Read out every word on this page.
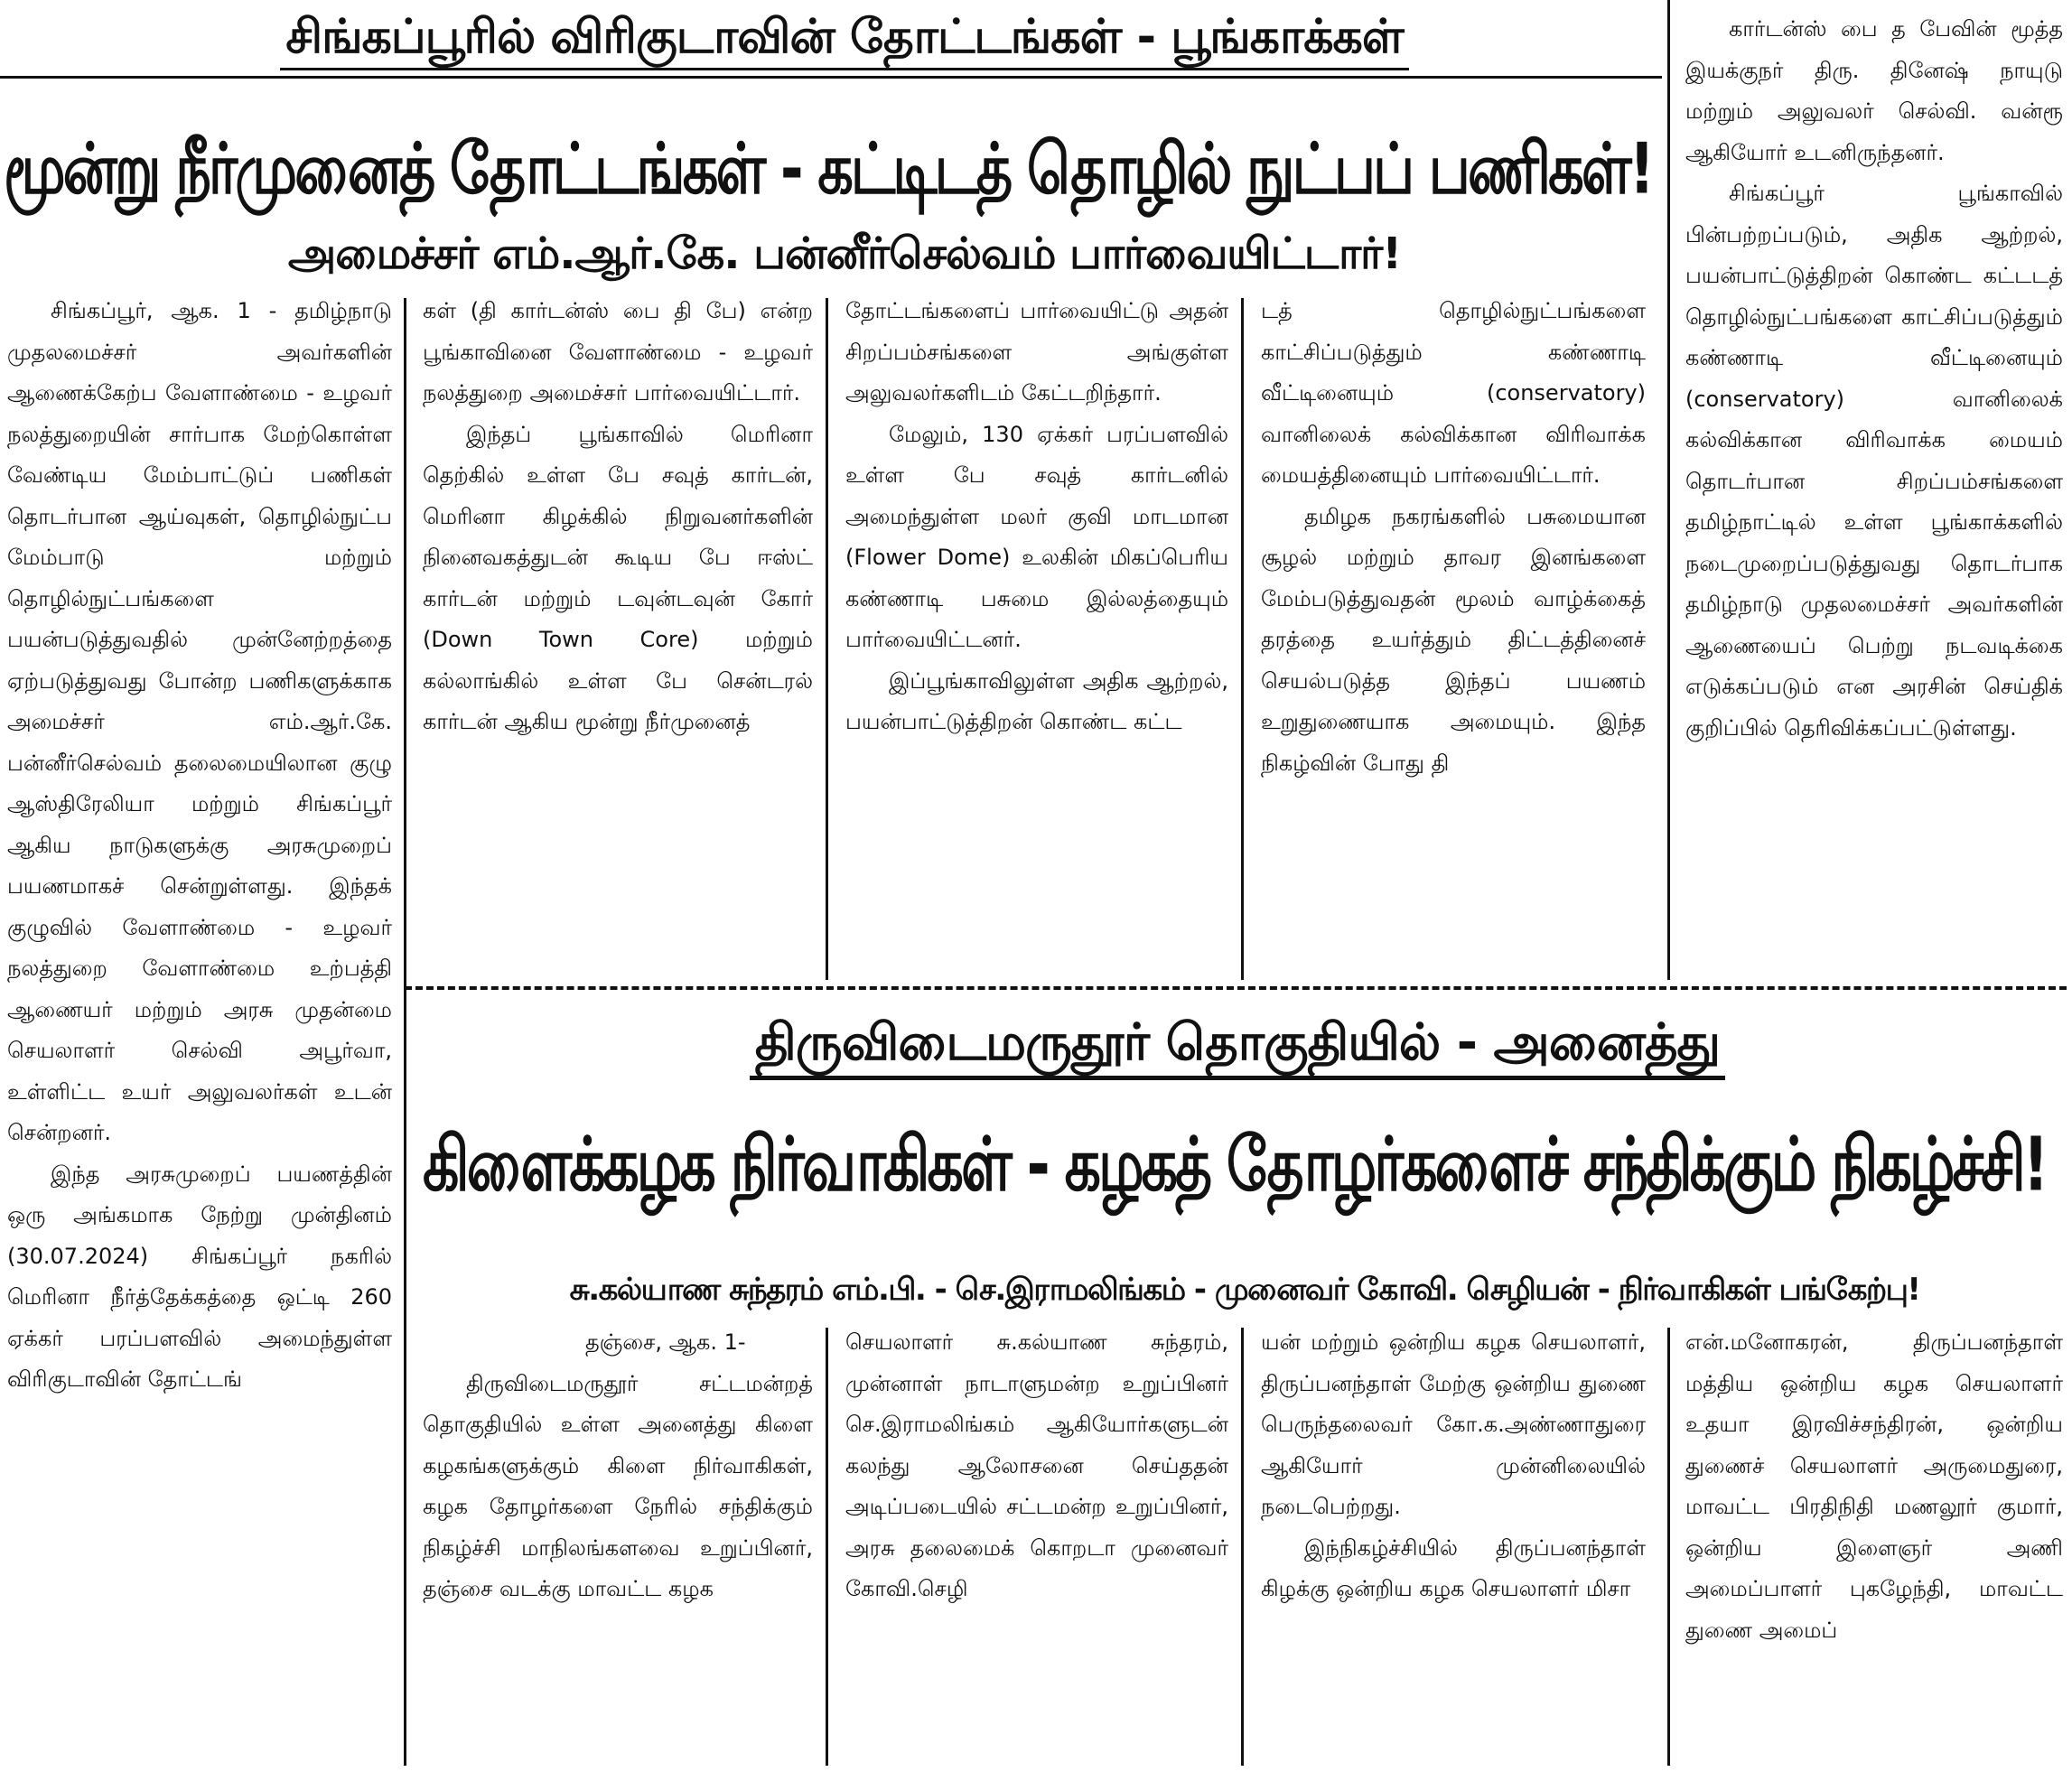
சிங்கப்பூரில் விரிகுடாவின் தோட்டங்கள் - பூங்காக்கள்
மூன்று நீர்முனைத் தோட்டங்கள் - கட்டிடத் தொழில் நுட்பப் பணிகள்!
அமைச்சர் எம்.ஆர்.கே. பன்னீர்செல்வம் பார்வையிட்டார்!

சிங்கப்பூர், ஆக. 1 - தமிழ்நாடு முதலமைச்சர் அவர்களின் ஆணைக்கேற்ப வேளாண்மை - உழவர் நலத்துறையின் சார்பாக மேற்கொள்ள வேண்டிய மேம்பாட்டுப் பணிகள் தொடர்பான ஆய்வுகள், தொழில்நுட்ப மேம்பாடு மற்றும் தொழில்நுட்பங்களை பயன்படுத்துவதில் முன்னேற்றத்தை ஏற்படுத்துவது போன்ற பணிகளுக்காக அமைச்சர் எம்.ஆர்.கே. பன்னீர்செல்வம் தலைமையிலான குழு ஆஸ்திரேலியா மற்றும் சிங்கப்பூர் ஆகிய நாடுகளுக்கு அரசுமுறைப் பயணமாகச் சென்றுள்ளது. இந்தக் குழுவில் வேளாண்மை - உழவர் நலத்துறை வேளாண்மை உற்பத்தி ஆணையர் மற்றும் அரசு முதன்மை செயலாளர் செல்வி அபூர்வா, உள்ளிட்ட உயர் அலுவலர்கள் உடன் சென்றனர்.

இந்த அரசுமுறைப் பயணத்தின் ஒரு அங்கமாக நேற்று முன்தினம் (30.07.2024) சிங்கப்பூர் நகரில் மெரினா நீர்த்தேக்கத்தை ஒட்டி 260 ஏக்கர் பரப்பளவில் அமைந்துள்ள விரிகுடாவின் தோட்டங்

கள் (தி கார்டன்ஸ் பை தி பே) என்ற பூங்காவினை வேளாண்மை - உழவர் நலத்துறை அமைச்சர் பார்வையிட்டார்.

இந்தப் பூங்காவில் மெரினா தெற்கில் உள்ள பே சவுத் கார்டன், மெரினா கிழக்கில் நிறுவனர்களின் நினைவகத்துடன் கூடிய பே ஈஸ்ட் கார்டன் மற்றும் டவுன்டவுன் கோர் (Down Town Core) மற்றும் கல்லாங்கில் உள்ள பே சென்டரல் கார்டன் ஆகிய மூன்று நீர்முனைத்

தோட்டங்களைப் பார்வையிட்டு அதன் சிறப்பம்சங்களை அங்குள்ள அலுவலர்களிடம் கேட்டறிந்தார்.

மேலும், 130 ஏக்கர் பரப்பளவில் உள்ள பே சவுத் கார்டனில் அமைந்துள்ள மலர் குவி மாடமான (Flower Dome) உலகின் மிகப்பெரிய கண்ணாடி பசுமை இல்லத்தையும் பார்வையிட்டனர்.

இப்பூங்காவிலுள்ள அதிக ஆற்றல், பயன்பாட்டுத்திறன் கொண்ட கட்ட

டத் தொழில்நுட்பங்களை காட்சிப்படுத்தும் கண்ணாடி வீட்டினையும் (conservatory) வானிலைக் கல்விக்கான விரிவாக்க மையத்தினையும் பார்வையிட்டார்.

தமிழக நகரங்களில் பசுமையான சூழல் மற்றும் தாவர இனங்களை மேம்படுத்துவதன் மூலம் வாழ்க்கைத் தரத்தை உயர்த்தும் திட்டத்தினைச் செயல்படுத்த இந்தப் பயணம் உறுதுணையாக அமையும். இந்த நிகழ்வின் போது தி

கார்டன்ஸ் பை த பேவின் மூத்த இயக்குநர் திரு. தினேஷ் நாயுடு மற்றும் அலுவலர் செல்வி. வன்ரூ ஆகியோர் உடனிருந்தனர்.

சிங்கப்பூர் பூங்காவில் பின்பற்றப்படும், அதிக ஆற்றல், பயன்பாட்டுத்திறன் கொண்ட கட்டடத் தொழில்நுட்பங்களை காட்சிப்படுத்தும் கண்ணாடி வீட்டினையும் (conservatory) வானிலைக் கல்விக்கான விரிவாக்க மையம் தொடர்பான சிறப்பம்சங்களை தமிழ்நாட்டில் உள்ள பூங்காக்களில் நடைமுறைப்படுத்துவது தொடர்பாக தமிழ்நாடு முதலமைச்சர் அவர்களின் ஆணையைப் பெற்று நடவடிக்கை எடுக்கப்படும் என அரசின் செய்திக் குறிப்பில் தெரிவிக்கப்பட்டுள்ளது.

திருவிடைமருதூர் தொகுதியில் - அனைத்து
கிளைக்கழக நிர்வாகிகள் - கழகத் தோழர்களைச் சந்திக்கும் நிகழ்ச்சி!
சு.கல்யாண சுந்தரம் எம்.பி. - செ.இராமலிங்கம் - முனைவர் கோவி. செழியன் - நிர்வாகிகள் பங்கேற்பு!

தஞ்சை, ஆக. 1-

திருவிடைமருதூர் சட்டமன்றத் தொகுதியில் உள்ள அனைத்து கிளை கழகங்களுக்கும் கிளை நிர்வாகிகள், கழக தோழர்களை நேரில் சந்திக்கும் நிகழ்ச்சி மாநிலங்களவை உறுப்பினர், தஞ்சை வடக்கு மாவட்ட கழக

செயலாளர் சு.கல்யாண சுந்தரம், முன்னாள் நாடாளுமன்ற உறுப்பினர் செ.இராமலிங்கம் ஆகியோர்களுடன் கலந்து ஆலோசனை செய்ததன் அடிப்படையில் சட்டமன்ற உறுப்பினர், அரசு தலைமைக் கொறடா முனைவர் கோவி.செழி

யன் மற்றும் ஒன்றிய கழக செயலாளர், திருப்பனந்தாள் மேற்கு ஒன்றிய துணை பெருந்தலைவர் கோ.க.அண்ணாதுரை ஆகியோர் முன்னிலையில் நடைபெற்றது.

இந்நிகழ்ச்சியில் திருப்பனந்தாள் கிழக்கு ஒன்றிய கழக செயலாளர் மிசா

என்.மனோகரன், திருப்பனந்தாள் மத்திய ஒன்றிய கழக செயலாளர் உதயா இரவிச்சந்திரன், ஒன்றிய துணைச் செயலாளர் அருமைதுரை, மாவட்ட பிரதிநிதி மணலூர் குமார், ஒன்றிய இளைஞர் அணி அமைப்பாளர் புகழேந்தி, மாவட்ட துணை அமைப்
